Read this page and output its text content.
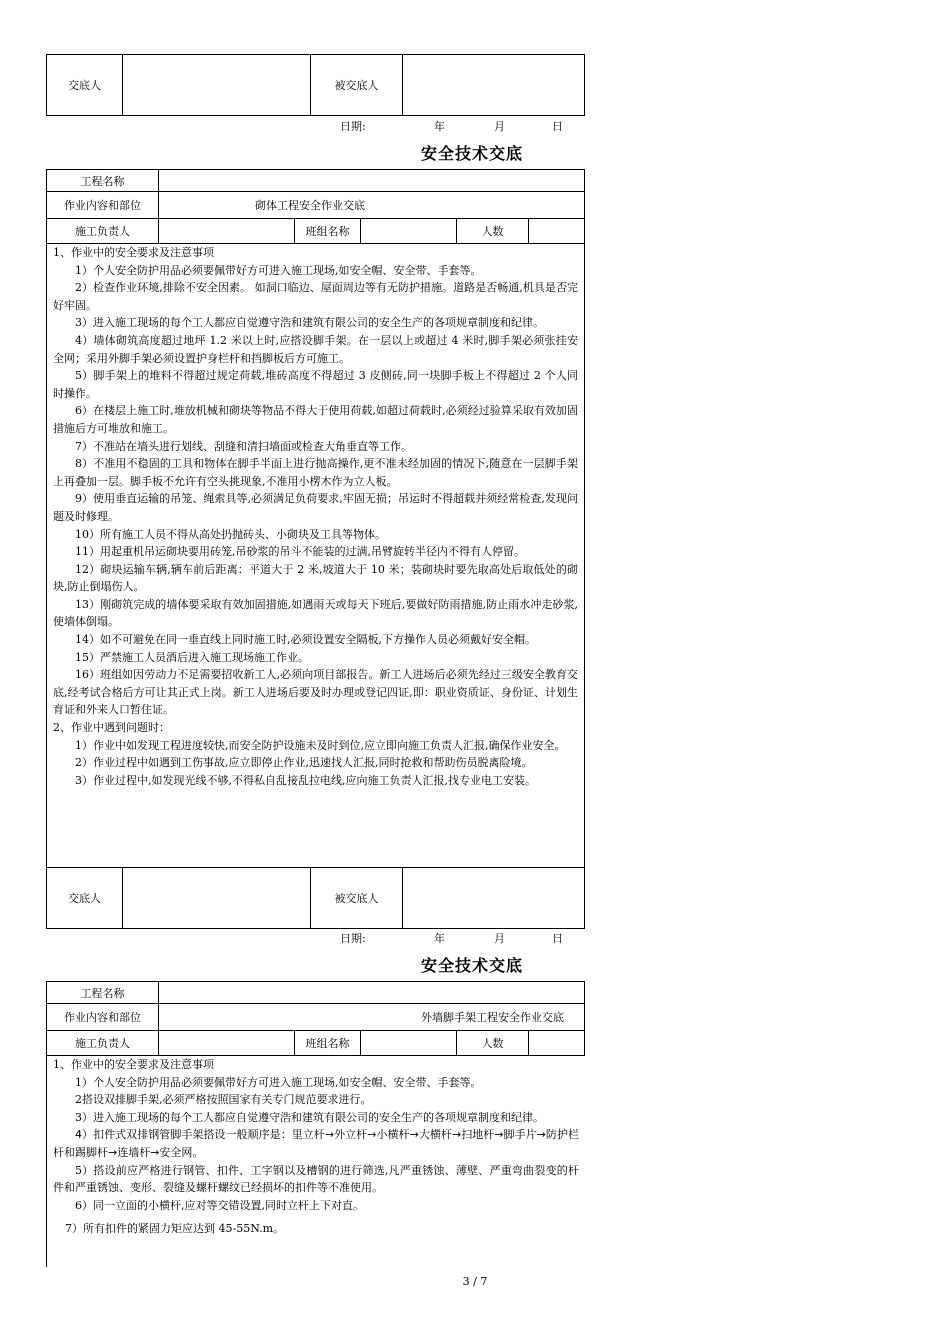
交底人		被交底人	
日期:	年	月	日
安全技术交底
工程名称					
作业内容和部位	砌体工程安全作业交底				
施工负责人		班组名称		人数	

1、作业中的安全要求及注意事项

1）个人安全防护用品必须要佩带好方可进入施工现场,如安全帽、安全带、手套等。

2）检查作业环境,排除不安全因素。 如洞口临边、屋面周边等有无防护措施。道路是否畅通,机具是否完好牢固。

3）进入施工现场的每个工人都应自觉遵守浩和建筑有限公司的安全生产的各项规章制度和纪律。

4）墙体砌筑高度超过地坪 1.2 米以上时,应搭设脚手架。在一层以上或超过 4 米时,脚手架必须张挂安全网；采用外脚手架必须设置护身栏杆和挡脚板后方可施工。

5）脚手架上的堆料不得超过规定荷载,堆砖高度不得超过 3 皮侧砖,同一块脚手板上不得超过 2 个人同时操作。

6）在楼层上施工时,堆放机械和砌块等物品不得大于使用荷载,如超过荷载时,必须经过验算采取有效加固措施后方可堆放和施工。

7）不准站在墙头进行划线、刮缝和清扫墙面或检查大角垂直等工作。

8）不准用不稳固的工具和物体在脚手半面上进行抛高操作,更不准未经加固的情况下,随意在一层脚手架上再叠加一层。脚手板不允许有空头挑现象,不准用小楞木作为立人板。

9）使用垂直运输的吊笼、绳索具等,必须满足负荷要求,牢固无损；吊运时不得超载并须经常检查,发现问题及时修理。

10）所有施工人员不得从高处扔抛砖头、小砌块及工具等物体。

11）用起重机吊运砌块要用砖笼,吊砂浆的吊斗不能装的过满,吊臂旋转半径内不得有人停留。

12）砌块运输车辆,辆车前后距离：平道大于 2 米,坡道大于 10 米；装砌块时要先取高处后取低处的砌块,防止倒塌伤人。

13）刚砌筑完成的墙体要采取有效加固措施,如遇雨天或每天下班后,要做好防雨措施,防止雨水冲走砂浆,使墙体倒塌。

14）如不可避免在同一垂直线上同时施工时,必须设置安全隔板,下方操作人员必须戴好安全帽。

15）严禁施工人员酒后进入施工现场施工作业。

16）班组如因劳动力不足需要招收新工人,必须向项目部报告。新工人进场后必须先经过三级安全教育交底,经考试合格后方可让其正式上岗。新工人进场后要及时办理或登记四证,即：职业资质证、身份证、计划生育证和外来人口暂住证。

2、作业中遇到问题时：

1）作业中如发现工程进度较快,而安全防护设施未及时到位,应立即向施工负责人汇报,确保作业安全。

2）作业过程中如遇到工伤事故,应立即停止作业,迅速找人汇报,同时抢救和帮助伤员脱离险境。

3）作业过程中,如发现光线不够,不得私自乱接乱拉电线,应向施工负责人汇报,找专业电工安装。

交底人		被交底人	
日期:	年	月	日
安全技术交底
工程名称					
作业内容和部位	外墙脚手架工程安全作业交底				
施工负责人		班组名称		人数	

1、作业中的安全要求及注意事项

1）个人安全防护用品必须要佩带好方可进入施工现场,如安全帽、安全带、手套等。

2搭设双排脚手架,必须严格按照国家有关专门规范要求进行。

3）进入施工现场的每个工人都应自觉遵守浩和建筑有限公司的安全生产的各项规章制度和纪律。

4）扣件式双排钢管脚手架搭设一般顺序是：里立杆→外立杆→小横杆→大横杆→扫地杆→脚手片→防护栏杆和踢脚杆→连墙杆→安全网。

5）搭设前应严格进行钢管、扣件、工字钢以及槽钢的进行筛选,凡严重锈蚀、薄壁、严重弯曲裂变的杆件和严重锈蚀、变形、裂缝及螺杆螺纹已经损坏的扣件等不准使用。

6）同一立面的小横杆,应对等交错设置,同时立杆上下对直。

7）所有扣件的紧固力矩应达到 45-55N.m。

3 / 7
